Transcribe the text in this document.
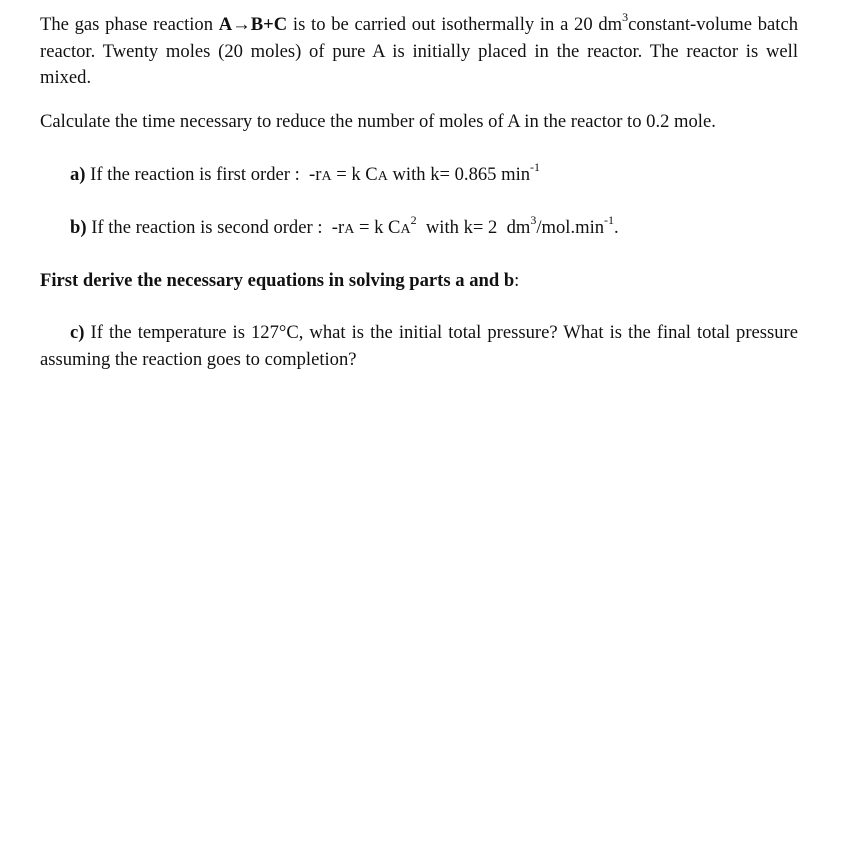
The gas phase reaction A→B+C is to be carried out isothermally in a 20 $dm^3constant$-volume batch reactor. Twenty moles (20 moles) of pure A is initially placed in the reactor. The reactor is well mixed.

Calculate the time necessary to reduce the number of moles of A in the reactor to 0.2 mole.

a) If the reaction is first order :  -rA = k CA with k= 0.865 $\min^{-1}$

b) If the reaction is second order :  -rA = k $CA^2$  with k= 2  $dm^3/mol.\min^{-1}$.

First derive the necessary equations in solving parts a and b:

c) If the temperature is 127°C, what is the initial total pressure? What is the final total pressure assuming the reaction goes to completion?
